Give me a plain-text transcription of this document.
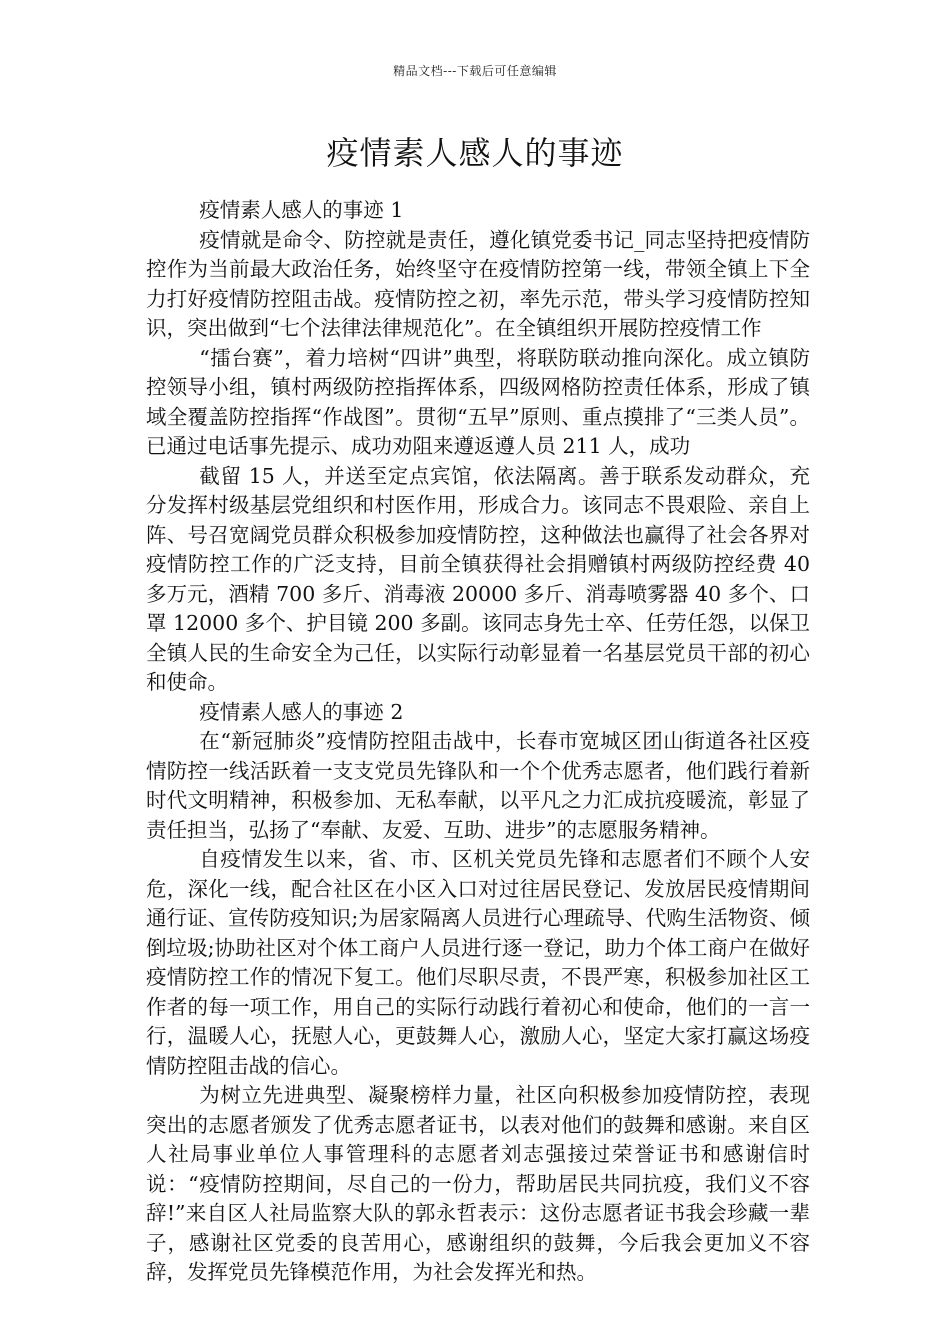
精品文档---下载后可任意编辑
疫情素人感人的事迹

疫情素人感人的事迹 1

疫情就是命令、防控就是责任，遵化镇党委书记_同志坚持把疫情防控作为当前最大政治任务，始终坚守在疫情防控第一线，带领全镇上下全力打好疫情防控阻击战。疫情防控之初，率先示范，带头学习疫情防控知识，突出做到“七个法律法律规范化”。在全镇组织开展防控疫情工作

“擂台赛”，着力培树“四讲”典型，将联防联动推向深化。成立镇防控领导小组，镇村两级防控指挥体系，四级网格防控责任体系，形成了镇域全覆盖防控指挥“作战图”。贯彻“五早”原则、重点摸排了“三类人员”。已通过电话事先提示、成功劝阻来遵返遵人员 211 人，成功

截留 15 人，并送至定点宾馆，依法隔离。善于联系发动群众，充分发挥村级基层党组织和村医作用，形成合力。该同志不畏艰险、亲自上阵、号召宽阔党员群众积极参加疫情防控，这种做法也赢得了社会各界对疫情防控工作的广泛支持，目前全镇获得社会捐赠镇村两级防控经费 40 多万元，酒精 700 多斤、消毒液 20000 多斤、消毒喷雾器 40 多个、口罩 12000 多个、护目镜 200 多副。该同志身先士卒、任劳任怨，以保卫全镇人民的生命安全为己任，以实际行动彰显着一名基层党员干部的初心和使命。

疫情素人感人的事迹 2

在“新冠肺炎”疫情防控阻击战中，长春市宽城区团山街道各社区疫情防控一线活跃着一支支党员先锋队和一个个优秀志愿者，他们践行着新时代文明精神，积极参加、无私奉献，以平凡之力汇成抗疫暖流，彰显了责任担当，弘扬了“奉献、友爱、互助、进步”的志愿服务精神。

自疫情发生以来，省、市、区机关党员先锋和志愿者们不顾个人安危，深化一线，配合社区在小区入口对过往居民登记、发放居民疫情期间通行证、宣传防疫知识;为居家隔离人员进行心理疏导、代购生活物资、倾倒垃圾;协助社区对个体工商户人员进行逐一登记，助力个体工商户在做好疫情防控工作的情况下复工。他们尽职尽责，不畏严寒，积极参加社区工作者的每一项工作，用自己的实际行动践行着初心和使命，他们的一言一行，温暖人心，抚慰人心，更鼓舞人心，激励人心，坚定大家打赢这场疫情防控阻击战的信心。

为树立先进典型、凝聚榜样力量，社区向积极参加疫情防控，表现突出的志愿者颁发了优秀志愿者证书，以表对他们的鼓舞和感谢。来自区人社局事业单位人事管理科的志愿者刘志强接过荣誉证书和感谢信时说：“疫情防控期间，尽自己的一份力，帮助居民共同抗疫，我们义不容辞!”来自区人社局监察大队的郭永哲表示：这份志愿者证书我会珍藏一辈子，感谢社区党委的良苦用心，感谢组织的鼓舞，今后我会更加义不容辞，发挥党员先锋模范作用，为社会发挥光和热。
